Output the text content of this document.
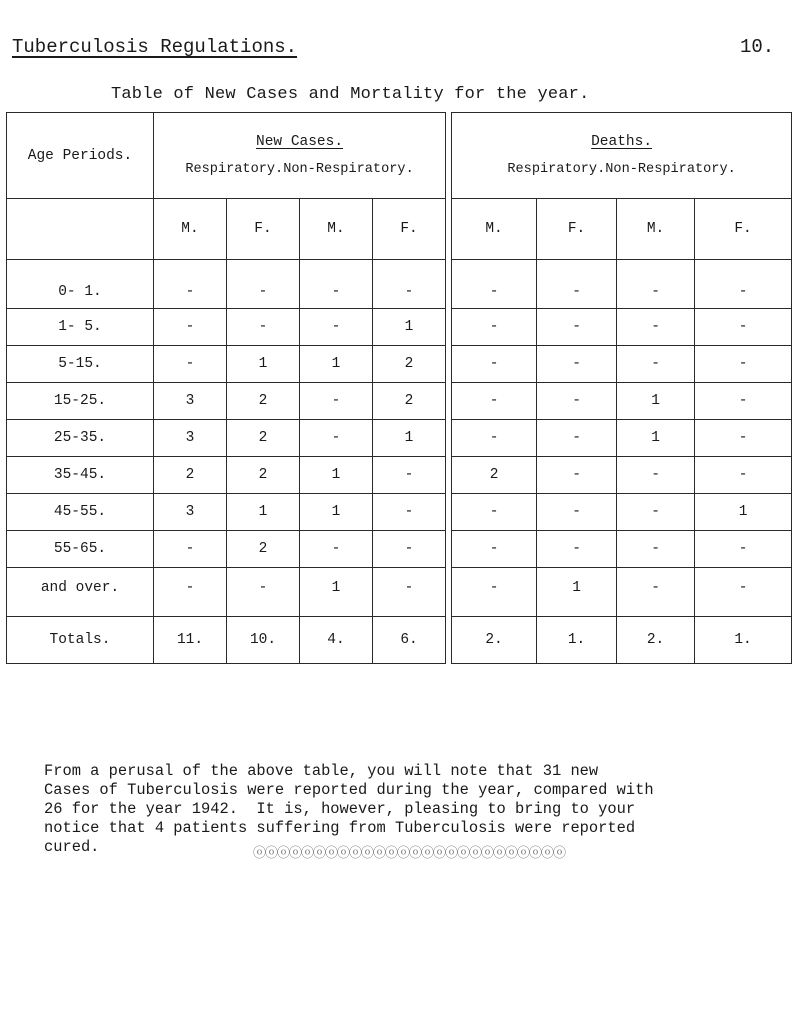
Tuberculosis Regulations.	10.
Table of New Cases and Mortality for the year.
Age Periods.	New Cases.
Respiratory.Non-Respiratory.					Deaths.
Respiratory.Non-Respiratory.			

	M.	F.	M.	F.		M.	F.	M.	F.
0- 1.	-	-	-	-		-	-	-	-
1- 5.	-	-	-	1		-	-	-	-
5-15.	-	1	1	2		-	-	-	-
15-25.	3	2	-	2		-	-	1	-
25-35.	3	2	-	1		-	-	1	-
35-45.	2	2	1	-		2	-	-	-
45-55.	3	1	1	-		-	-	-	1
55-65.	-	2	-	-		-	-	-	-
and over.	-	-	1	-		-	1	-	-
Totals.	11.	10.	4.	6.		2.	1.	2.	1.

From a perusal of the above table, you will note that 31 new

Cases of Tuberculosis were reported during the year, compared with

26 for the year 1942.  It is, however, pleasing to bring to your

notice that 4 patients suffering from Tuberculosis were reported

cured.	ⓞⓞⓞⓞⓞⓞⓞⓞⓞⓞⓞⓞⓞⓞⓞⓞⓞⓞⓞⓞⓞⓞⓞⓞⓞⓞ
